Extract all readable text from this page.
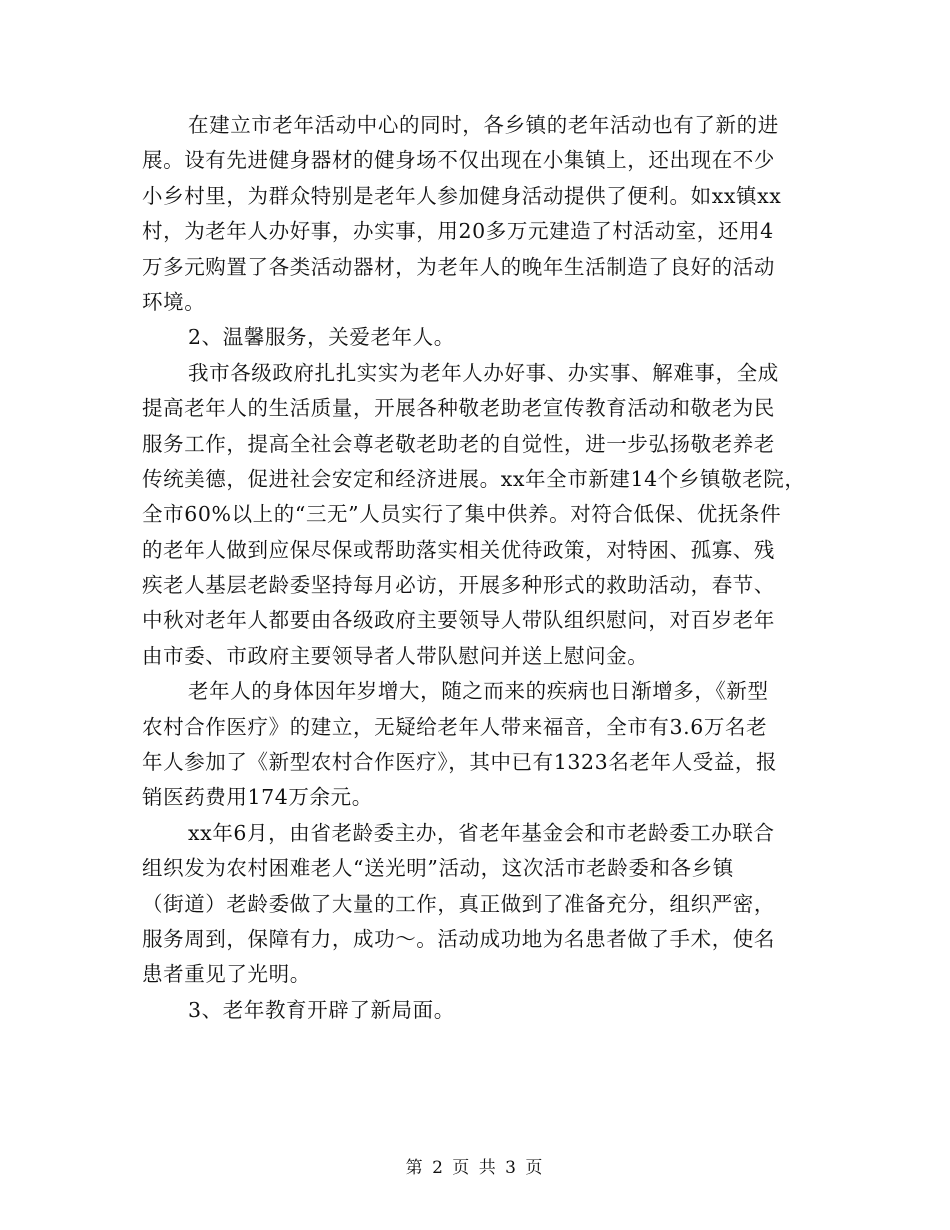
在建立市老年活动中心的同时，各乡镇的老年活动也有了新的进

展。设有先进健身器材的健身场不仅出现在小集镇上，还出现在不少

小乡村里，为群众特别是老年人参加健身活动提供了便利。如xx镇xx

村，为老年人办好事，办实事，用20多万元建造了村活动室，还用4

万多元购置了各类活动器材，为老年人的晚年生活制造了良好的活动

环境。

2、温馨服务，关爱老年人。

我市各级政府扎扎实实为老年人办好事、办实事、解难事，全成

提高老年人的生活质量，开展各种敬老助老宣传教育活动和敬老为民

服务工作，提高全社会尊老敬老助老的自觉性，进一步弘扬敬老养老

传统美德，促进社会安定和经济进展。xx年全市新建14个乡镇敬老院，

全市60%以上的“三无”人员实行了集中供养。对符合低保、优抚条件

的老年人做到应保尽保或帮助落实相关优待政策，对特困、孤寡、残

疾老人基层老龄委坚持每月必访，开展多种形式的救助活动，春节、

中秋对老年人都要由各级政府主要领导人带队组织慰问，对百岁老年

由市委、市政府主要领导者人带队慰问并送上慰问金。

老年人的身体因年岁增大，随之而来的疾病也日渐增多，《新型

农村合作医疗》的建立，无疑给老年人带来福音，全市有3.6万名老

年人参加了《新型农村合作医疗》，其中已有1323名老年人受益，报

销医药费用174万余元。

xx年6月，由省老龄委主办，省老年基金会和市老龄委工办联合

组织发为农村困难老人“送光明”活动，这次活市老龄委和各乡镇

（街道）老龄委做了大量的工作，真正做到了准备充分，组织严密，

服务周到，保障有力，成功～。活动成功地为名患者做了手术，使名

患者重见了光明。

3、老年教育开辟了新局面。

第 2 页 共 3 页
